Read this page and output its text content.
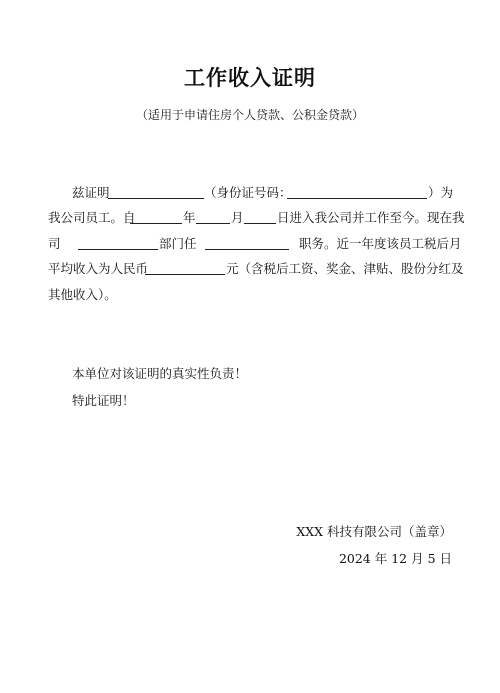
工作收入证明
（适用于申请住房个人贷款、公积金贷款）
兹证明	（身份证号码：	）为
我公司员工。自	年	月	日进入我公司并工作至今。现在我
司	部门任	职务。近一年度该员工税后月
平均收入为人民币	元（含税后工资、奖金、津贴、股份分红及
其他收入）。
本单位对该证明的真实性负责！
特此证明！
XXX 科技有限公司（盖章）
2024 年 12 月 5 日
